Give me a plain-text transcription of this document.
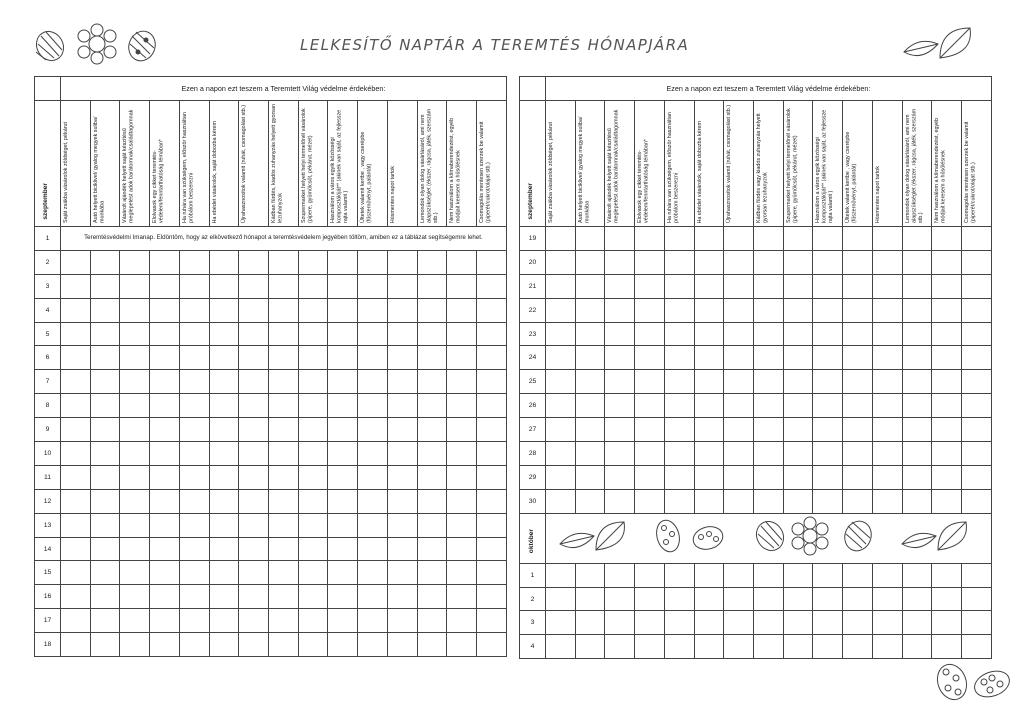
LELKESÍTŐ NAPTÁR A TEREMTÉS HÓNAPJÁRA
	Ezen a napon ezt teszem a Teremtett Világ védelme érdekében:														

szeptember	Saját zsákba vásárolok zöldséget, pékárut	Autó helyett biciklivel/ gyalog megyek suliba/ munkába	Vásárolt ajándék helyett saját készítésű meglepetést adok barátomnak/családtagomnak	Elolvasok egy cikket teremtés-védelem/fenntarthatóság témában*	Ha ruhára van szükségem, először használtan próbálom beszerezni	Ha ebédet vásárolok, saját dobozba kérem	Újrahasznosítok valamit (ruhát, csomagolást stb.)	Kádban fürdés, kiadós zuhanyzás helyett gyorsan lezuhanyzok	Szupermarket helyett helyi termelőnél vásárolok (pipere, gyümölcsöt, pékárut, mézet)	Használom a város egyik közösségi komposztálóját** (akinek van saját, az fejlessze rajta valamit )	Ültetek valamit kertbe , vagy cserépbe (fűszernövényt, palántát)	Húsmentes napot tartok	Lemondok olyan dolog vásárlásáról, ami nem alapszükséglet (ékszer, rágcsa, játék, szerszám stb.)	Nem használom a klímaberendezést, egyéb módjait keresem a hűsölésnek	Csomagolás mentesen szerzek be valamit (piperét/cukrot/olajat stb.)

1	Teremtésvédelmi Imanap. Eldöntöm, hogy az elkövetkező hónapot a teremtésvédelem jegyében töltöm, amiben ez a táblázat segítségemre lehet.														
2															
3															
4															
5															
6															
7															
8															
9															
10															
11															
12															
13															
14															
15															
16															
17															
18															
	Ezen a napon ezt teszem a Teremtett Világ védelme érdekében:														

szeptember	Saját zsákba vásárolok zöldséget, pékárut	Autó helyett biciklivel/ gyalog megyek suliba/ munkába	Vásárolt ajándék helyett saját készítésű meglepetést adok barátomnak/családtagomnak	Elolvasok egy cikket teremtés-védelem/fenntarthatóság témában*	Ha ruhára van szükségem, először használtan próbálom beszerezni	Ha ebédet vásárolok, saját dobozba kérem	Újrahasznosítok valamit (ruhát, csomagolást stb.)	Kádban fürdés vagy kiadós zuhanyzás helyett gyorsan lezuhanyzok	Szupermarket helyett helyi termelőnél vásárolok (pipere, gyümölcsöt, pékárut, mézet)	Használom a város egyik közösségi komposztálóját** (akinek van saját, az fejlessze rajta valamit )	Ültetek valamit kertbe , vagy cserépbe (fűszernövényt, palántát)	Húsmentes napot tartok	Lemondok olyan dolog vásárlásáról, ami nem alapszükséglet (ékszer, rágcsa, játék, szerszám stb.)	Nem használom a klímaberendezést, egyéb módjait keresem a hűsölésnek	Csomagolás mentesen szerzek be valamit (piperét/cukrot/olajat stb.)

19															
20															
21															
22															
23															
24															
25															
26															
27															
28															
29															
30															

október

1															
2															
3															
4															
